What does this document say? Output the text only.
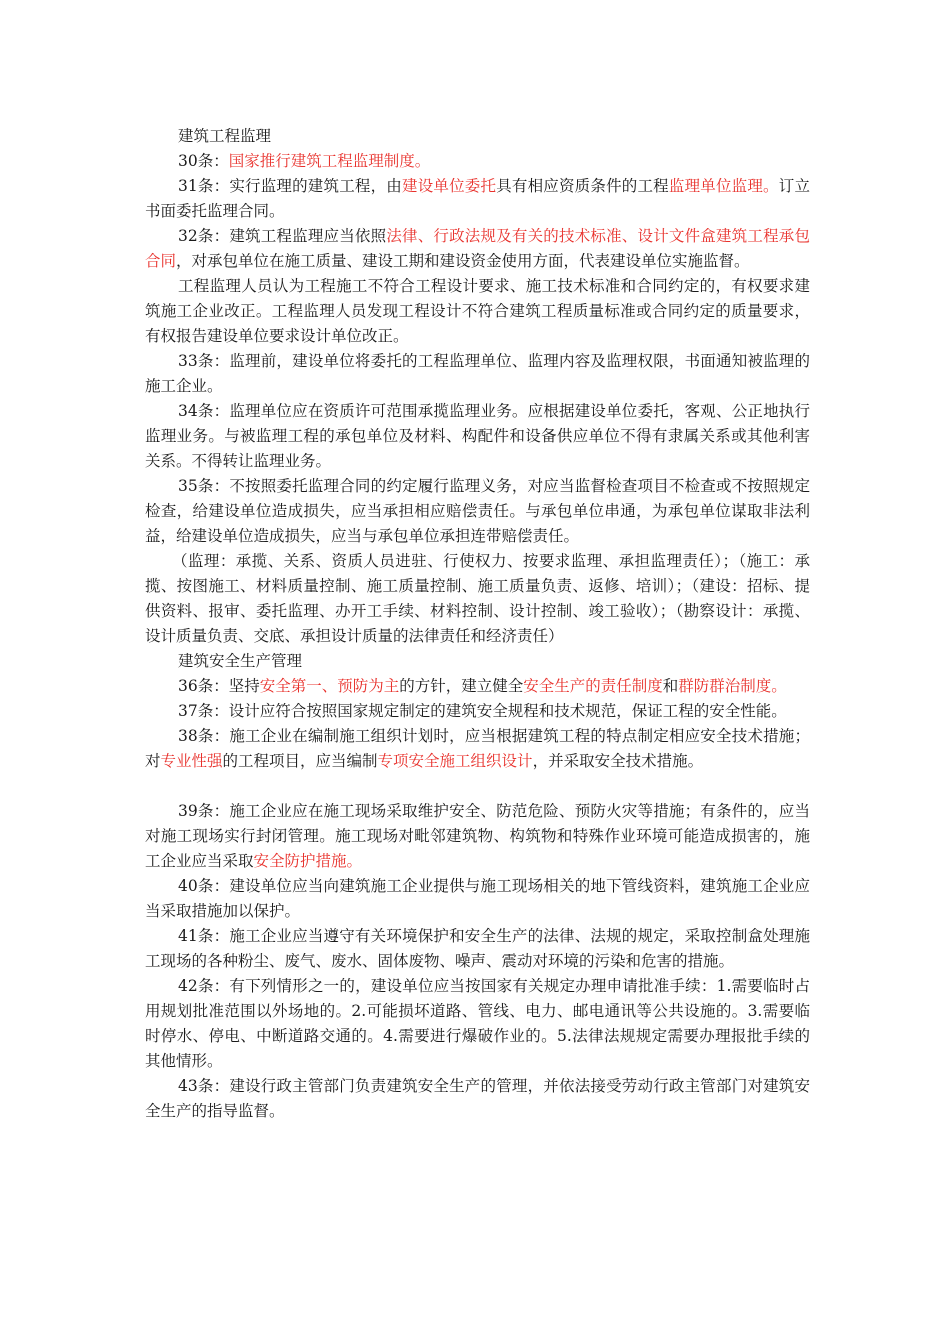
建筑工程监理

30条：国家推行建筑工程监理制度。

31条：实行监理的建筑工程，由建设单位委托具有相应资质条件的工程监理单位监理。订立书面委托监理合同。

32条：建筑工程监理应当依照法律、行政法规及有关的技术标准、设计文件盒建筑工程承包合同，对承包单位在施工质量、建设工期和建设资金使用方面，代表建设单位实施监督。

工程监理人员认为工程施工不符合工程设计要求、施工技术标准和合同约定的，有权要求建筑施工企业改正。工程监理人员发现工程设计不符合建筑工程质量标准或合同约定的质量要求，有权报告建设单位要求设计单位改正。

33条：监理前，建设单位将委托的工程监理单位、监理内容及监理权限，书面通知被监理的施工企业。

34条：监理单位应在资质许可范围承揽监理业务。应根据建设单位委托，客观、公正地执行监理业务。与被监理工程的承包单位及材料、构配件和设备供应单位不得有隶属关系或其他利害关系。不得转让监理业务。

35条：不按照委托监理合同的约定履行监理义务，对应当监督检查项目不检查或不按照规定检查，给建设单位造成损失，应当承担相应赔偿责任。与承包单位串通，为承包单位谋取非法利益，给建设单位造成损失，应当与承包单位承担连带赔偿责任。

（监理：承揽、关系、资质人员进驻、行使权力、按要求监理、承担监理责任）；（施工：承揽、按图施工、材料质量控制、施工质量控制、施工质量负责、返修、培训）；（建设：招标、提供资料、报审、委托监理、办开工手续、材料控制、设计控制、竣工验收）；（勘察设计：承揽、设计质量负责、交底、承担设计质量的法律责任和经济责任）

建筑安全生产管理

36条：坚持安全第一、预防为主的方针，建立健全安全生产的责任制度和群防群治制度。

37条：设计应符合按照国家规定制定的建筑安全规程和技术规范，保证工程的安全性能。

38条：施工企业在编制施工组织计划时，应当根据建筑工程的特点制定相应安全技术措施；对专业性强的工程项目，应当编制专项安全施工组织设计，并采取安全技术措施。

39条：施工企业应在施工现场采取维护安全、防范危险、预防火灾等措施；有条件的，应当对施工现场实行封闭管理。施工现场对毗邻建筑物、构筑物和特殊作业环境可能造成损害的，施工企业应当采取安全防护措施。

40条：建设单位应当向建筑施工企业提供与施工现场相关的地下管线资料，建筑施工企业应当采取措施加以保护。

41条：施工企业应当遵守有关环境保护和安全生产的法律、法规的规定，采取控制盒处理施工现场的各种粉尘、废气、废水、固体废物、噪声、震动对环境的污染和危害的措施。

42条：有下列情形之一的，建设单位应当按国家有关规定办理申请批准手续：1.需要临时占用规划批准范围以外场地的。2.可能损坏道路、管线、电力、邮电通讯等公共设施的。3.需要临时停水、停电、中断道路交通的。4.需要进行爆破作业的。5.法律法规规定需要办理报批手续的其他情形。

43条：建设行政主管部门负责建筑安全生产的管理，并依法接受劳动行政主管部门对建筑安全生产的指导监督。
